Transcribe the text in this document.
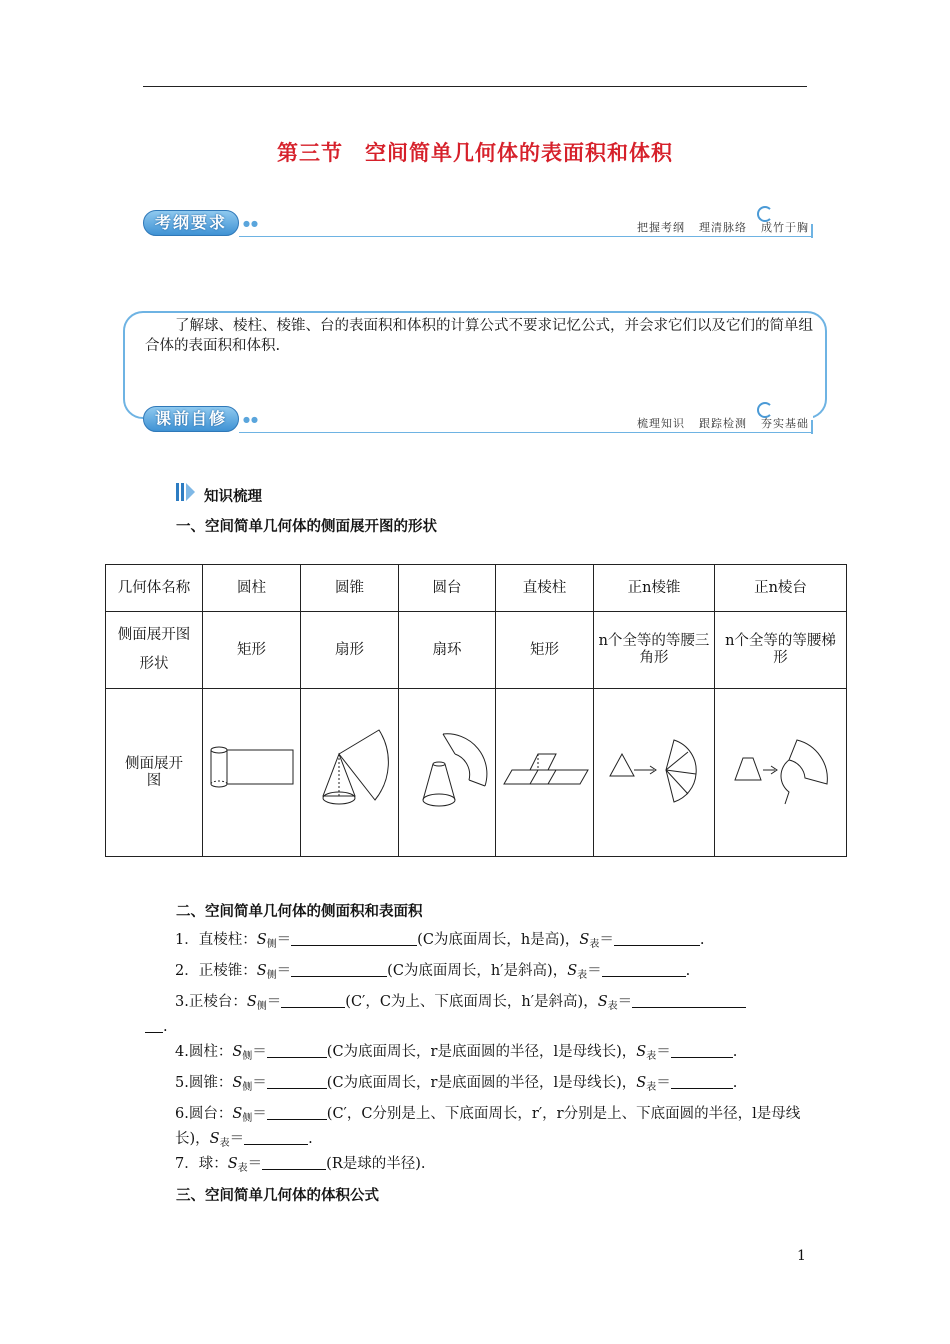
第三节　空间简单几何体的表面积和体积
考纲要求	●●	把握考纲 理清脉络 成竹于胸
了解球、棱柱、棱锥、台的表面积和体积的计算公式不要求记忆公式，并会求它们以及它们的简单组合体的表面积和体积.
课前自修	●●	梳理知识 跟踪检测 夯实基础
知识梳理
一、空间简单几何体的侧面展开图的形状
几何体名称	圆柱	圆锥	圆台	直棱柱	正n棱锥	正n棱台

侧面展开图
形状	矩形	扇形	扇环	矩形	n个全等的等腰三角形	n个全等的等腰梯形
侧面展开图						
二、空间简单几何体的侧面积和表面积
1．直棱柱：$S_侧=$	(C为底面周长，h是高)，$S_表=$	.
2．正棱锥：$S_侧=$	(C为底面周长，h′是斜高)，$S_表=$	.
3.正棱台：$S_侧=$	(C′，C为上、下底面周长，h′是斜高)，$S_表=$
.
4.圆柱：$S_侧=$	(C为底面周长，r是底面圆的半径，l是母线长)，$S_表=$	.
5.圆锥：$S_侧=$	(C为底面周长，r是底面圆的半径，l是母线长)，$S_表=$	.
6.圆台：$S_侧=$	(C′，C分别是上、下底面周长，r′，r分别是上、下底面圆的半径，l是母线长)，$S_表=$	.
7．球：$S_表=$	(R是球的半径).
三、空间简单几何体的体积公式
1
